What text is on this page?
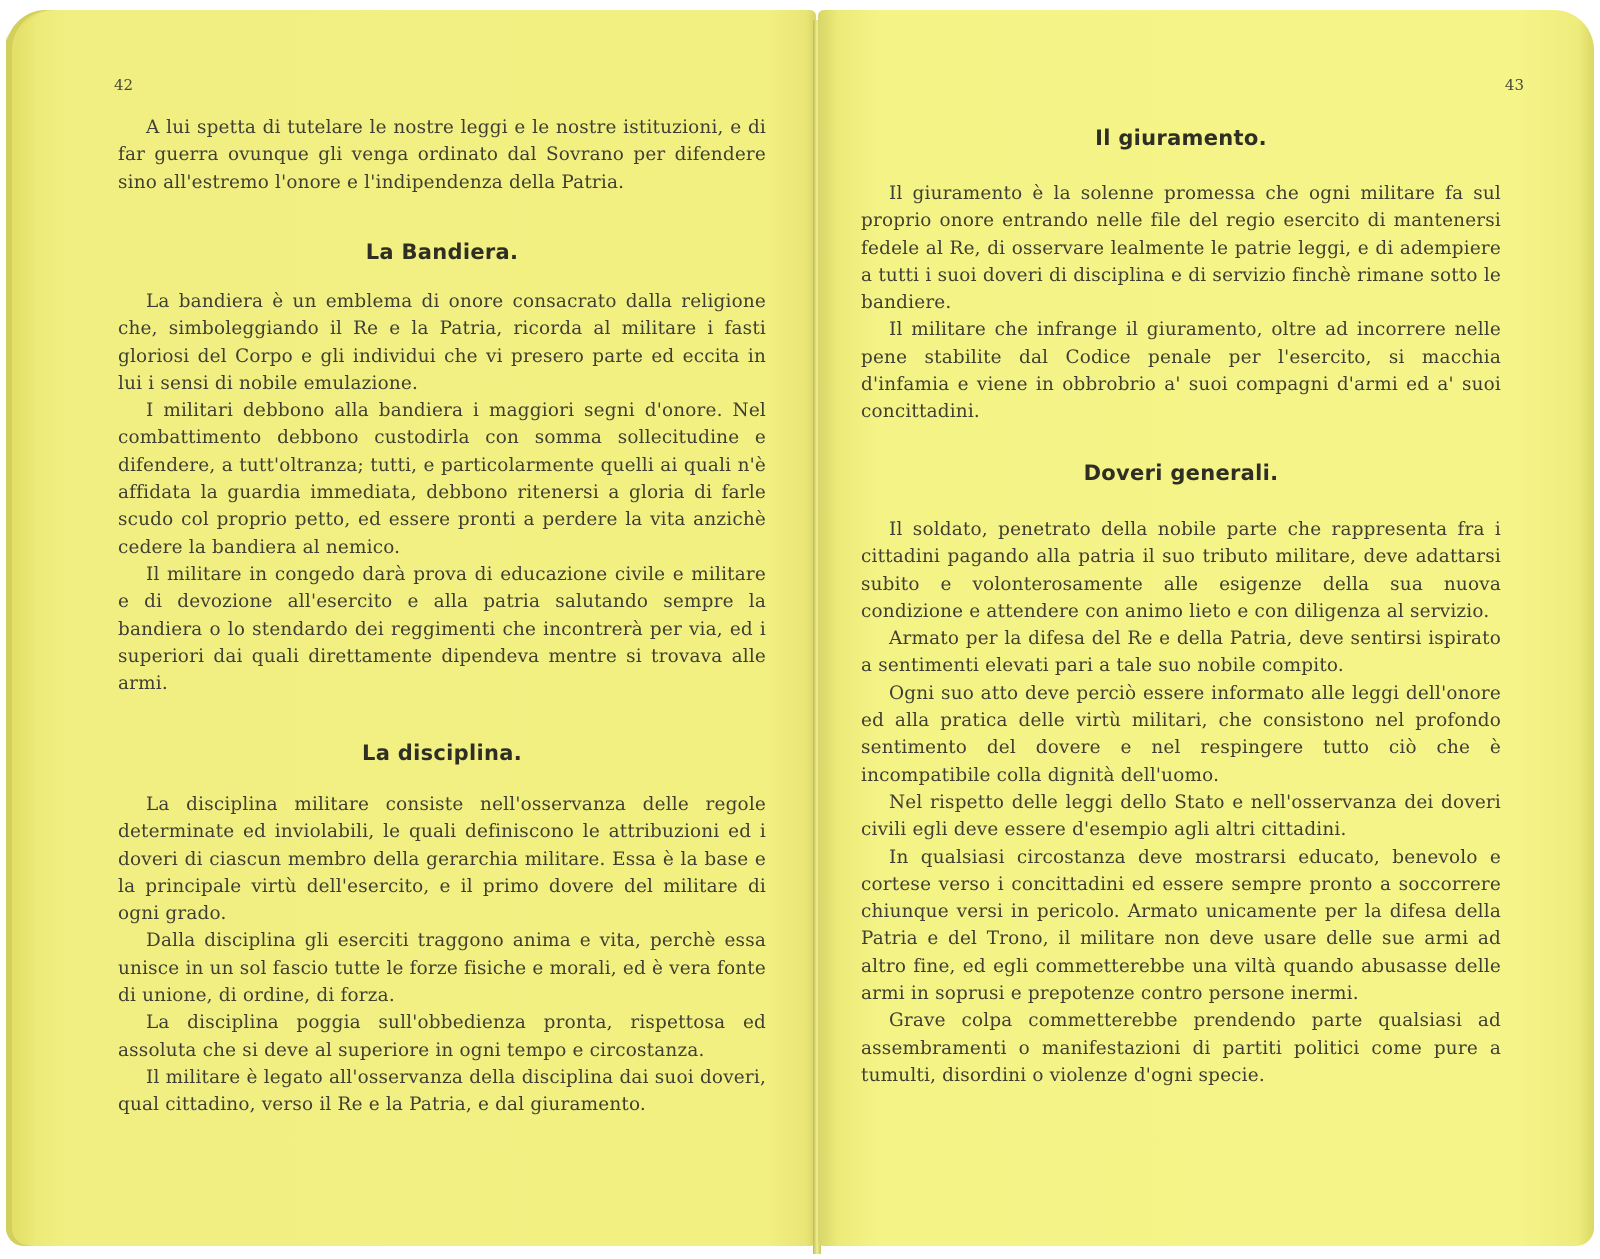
42

A lui spetta di tutelare le nostre leggi e le nostre istituzioni, e di far guerra ovunque gli venga ordinato dal Sovrano per difendere sino all'estremo l'onore e l'indipendenza della Patria.

La Bandiera.

La bandiera è un emblema di onore consacrato dalla religione che, simboleggiando il Re e la Patria, ricorda al militare i fasti gloriosi del Corpo e gli individui che vi presero parte ed eccita in lui i sensi di nobile emulazione.

I militari debbono alla bandiera i maggiori segni d'onore. Nel combattimento debbono custodirla con somma sollecitudine e difendere, a tutt'oltranza; tutti, e particolarmente quelli ai quali n'è affidata la guardia immediata, debbono ritenersi a gloria di farle scudo col proprio petto, ed essere pronti a perdere la vita anzichè cedere la bandiera al nemico.

Il militare in congedo darà prova di educazione civile e militare e di devozione all'esercito e alla patria salutando sempre la bandiera o lo stendardo dei reggimenti che incontrerà per via, ed i superiori dai quali direttamente dipendeva mentre si trovava alle armi.

La disciplina.

La disciplina militare consiste nell'osservanza delle regole determinate ed inviolabili, le quali definiscono le attribuzioni ed i doveri di ciascun membro della gerarchia militare. Essa è la base e la principale virtù dell'esercito, e il primo dovere del militare di ogni grado.

Dalla disciplina gli eserciti traggono anima e vita, perchè essa unisce in un sol fascio tutte le forze fisiche e morali, ed è vera fonte di unione, di ordine, di forza.

La disciplina poggia sull'obbedienza pronta, rispettosa ed assoluta che si deve al superiore in ogni tempo e circostanza.

Il militare è legato all'osservanza della disciplina dai suoi doveri, qual cittadino, verso il Re e la Patria, e dal giuramento.

43
Il giuramento.

Il giuramento è la solenne promessa che ogni militare fa sul proprio onore entrando nelle file del regio esercito di mantenersi fedele al Re, di osservare lealmente le patrie leggi, e di adempiere a tutti i suoi doveri di disciplina e di servizio finchè rimane sotto le bandiere.

Il militare che infrange il giuramento, oltre ad incorrere nelle pene stabilite dal Codice penale per l'esercito, si macchia d'infamia e viene in obbrobrio a' suoi compagni d'armi ed a' suoi concittadini.

Doveri generali.

Il soldato, penetrato della nobile parte che rappresenta fra i cittadini pagando alla patria il suo tributo militare, deve adattarsi subito e volonterosamente alle esigenze della sua nuova condizione e attendere con animo lieto e con diligenza al servizio.

Armato per la difesa del Re e della Patria, deve sentirsi ispirato a sentimenti elevati pari a tale suo nobile compito.

Ogni suo atto deve perciò essere informato alle leggi dell'onore ed alla pratica delle virtù militari, che consistono nel profondo sentimento del dovere e nel respingere tutto ciò che è incompatibile colla dignità dell'uomo.

Nel rispetto delle leggi dello Stato e nell'osservanza dei doveri civili egli deve essere d'esempio agli altri cittadini.

In qualsiasi circostanza deve mostrarsi educato, benevolo e cortese verso i concittadini ed essere sempre pronto a soccorrere chiunque versi in pericolo. Armato unicamente per la difesa della Patria e del Trono, il militare non deve usare delle sue armi ad altro fine, ed egli commetterebbe una viltà quando abusasse delle armi in soprusi e prepotenze contro persone inermi.

Grave colpa commetterebbe prendendo parte qualsiasi ad assembramenti o manifestazioni di partiti politici come pure a tumulti, disordini o violenze d'ogni specie.
